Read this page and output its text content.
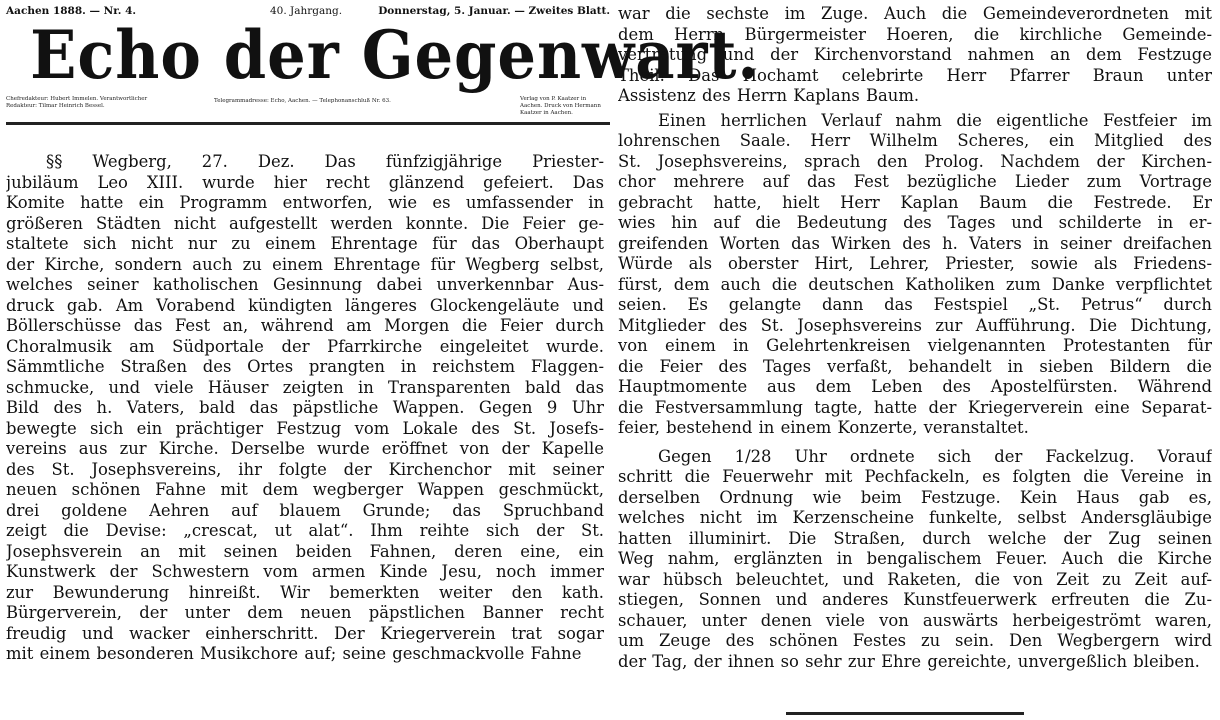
Aachen 1888. — Nr. 4.	40. Jahrgang.	Donnerstag, 5. Januar. — Zweites Blatt.
Echo der Gegenwart.
Chefredakteur: Hubert Immelen. Verantwortlicher Redakteur: Tilmar Heinrich Bessel.
Telegrammadresse: Echo, Aachen. — Telephonanschluß Nr. 63.	Verlag von P. Kaatzer in Aachen. Druck von Hermann Kaatzer in Aachen.
§§ Wegberg, 27. Dez. Das fünfzigjährige Priester-
jubiläum Leo XIII. wurde hier recht glänzend gefeiert. Das
Komite hatte ein Programm entworfen, wie es umfassender in
größeren Städten nicht aufgestellt werden konnte. Die Feier ge-
staltete sich nicht nur zu einem Ehrentage für das Oberhaupt
der Kirche, sondern auch zu einem Ehrentage für Wegberg selbst,
welches seiner katholischen Gesinnung dabei unverkennbar Aus-
druck gab. Am Vorabend kündigten längeres Glockengeläute und
Böllerschüsse das Fest an, während am Morgen die Feier durch
Choralmusik am Südportale der Pfarrkirche eingeleitet wurde.
Sämmtliche Straßen des Ortes prangten in reichstem Flaggen-
schmucke, und viele Häuser zeigten in Transparenten bald das
Bild des h. Vaters, bald das päpstliche Wappen. Gegen 9 Uhr
bewegte sich ein prächtiger Festzug vom Lokale des St. Josefs-
vereins aus zur Kirche. Derselbe wurde eröffnet von der Kapelle
des St. Josephsvereins, ihr folgte der Kirchenchor mit seiner
neuen schönen Fahne mit dem wegberger Wappen geschmückt,
drei goldene Aehren auf blauem Grunde; das Spruchband
zeigt die Devise: „crescat, ut alat“. Ihm reihte sich der St.
Josephsverein an mit seinen beiden Fahnen, deren eine, ein
Kunstwerk der Schwestern vom armen Kinde Jesu, noch immer
zur Bewunderung hinreißt. Wir bemerkten weiter den kath.
Bürgerverein, der unter dem neuen päpstlichen Banner recht
freudig und wacker einherschritt. Der Kriegerverein trat sogar
mit einem besonderen Musikchore auf; seine geschmackvolle Fahne
war die sechste im Zuge. Auch die Gemeindeverordneten mit
dem Herrn Bürgermeister Hoeren, die kirchliche Gemeinde-
vertretung und der Kirchenvorstand nahmen an dem Festzuge
Theil. Das Hochamt celebrirte Herr Pfarrer Braun unter
Assistenz des Herrn Kaplans Baum.
Einen herrlichen Verlauf nahm die eigentliche Festfeier im
lohrenschen Saale. Herr Wilhelm Scheres, ein Mitglied des
St. Josephsvereins, sprach den Prolog. Nachdem der Kirchen-
chor mehrere auf das Fest bezügliche Lieder zum Vortrage
gebracht hatte, hielt Herr Kaplan Baum die Festrede. Er
wies hin auf die Bedeutung des Tages und schilderte in er-
greifenden Worten das Wirken des h. Vaters in seiner dreifachen
Würde als oberster Hirt, Lehrer, Priester, sowie als Friedens-
fürst, dem auch die deutschen Katholiken zum Danke verpflichtet
seien. Es gelangte dann das Festspiel „St. Petrus“ durch
Mitglieder des St. Josephsvereins zur Aufführung. Die Dichtung,
von einem in Gelehrtenkreisen vielgenannten Protestanten für
die Feier des Tages verfaßt, behandelt in sieben Bildern die
Hauptmomente aus dem Leben des Apostelfürsten. Während
die Festversammlung tagte, hatte der Kriegerverein eine Separat-
feier, bestehend in einem Konzerte, veranstaltet.
Gegen 1/28 Uhr ordnete sich der Fackelzug. Vorauf
schritt die Feuerwehr mit Pechfackeln, es folgten die Vereine in
derselben Ordnung wie beim Festzuge. Kein Haus gab es,
welches nicht im Kerzenscheine funkelte, selbst Andersgläubige
hatten illuminirt. Die Straßen, durch welche der Zug seinen
Weg nahm, erglänzten in bengalischem Feuer. Auch die Kirche
war hübsch beleuchtet, und Raketen, die von Zeit zu Zeit auf-
stiegen, Sonnen und anderes Kunstfeuerwerk erfreuten die Zu-
schauer, unter denen viele von auswärts herbeigeströmt waren,
um Zeuge des schönen Festes zu sein. Den Wegbergern wird
der Tag, der ihnen so sehr zur Ehre gereichte, unvergeßlich bleiben.
